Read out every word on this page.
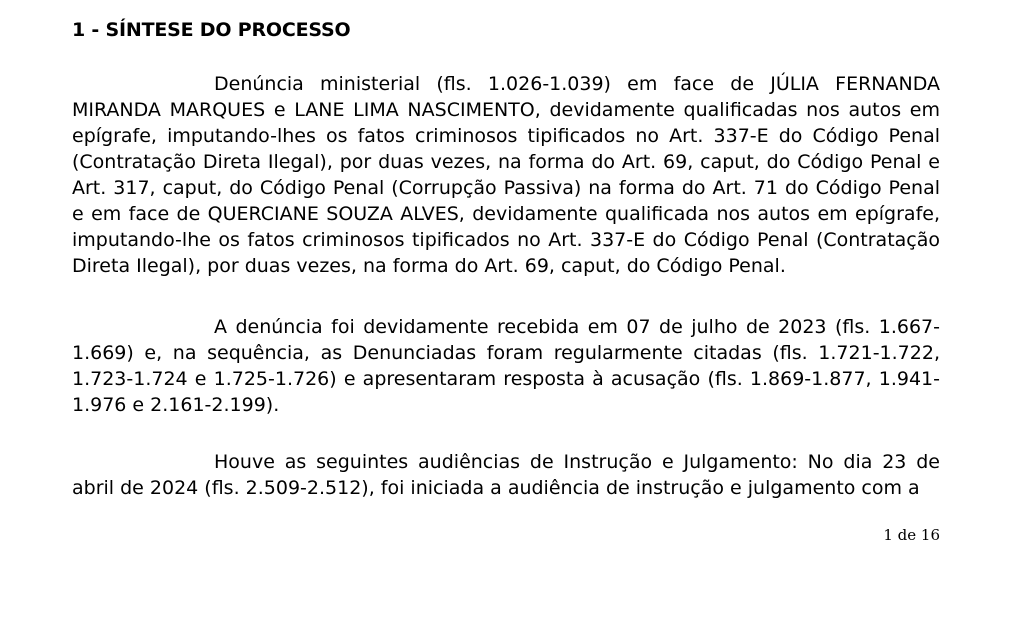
1 - SÍNTESE DO PROCESSO

Denúncia ministerial (fls. 1.026-1.039) em face de JÚLIA FERNANDA MIRANDA MARQUES e LANE LIMA NASCIMENTO, devidamente qualificadas nos autos em epígrafe, imputando-lhes os fatos criminosos tipificados no Art. 337-E do Código Penal (Contratação Direta Ilegal), por duas vezes, na forma do Art. 69, caput, do Código Penal e Art. 317, caput, do Código Penal (Corrupção Passiva) na forma do Art. 71 do Código Penal e em face de QUERCIANE SOUZA ALVES, devidamente qualificada nos autos em epígrafe, imputando-lhe os fatos criminosos tipificados no Art. 337-E do Código Penal (Contratação Direta Ilegal), por duas vezes, na forma do Art. 69, caput, do Código Penal.

A denúncia foi devidamente recebida em 07 de julho de 2023 (fls. 1.667-1.669) e, na sequência, as Denunciadas foram regularmente citadas (fls. 1.721-1.722, 1.723-1.724 e 1.725-1.726) e apresentaram resposta à acusação (fls. 1.869-1.877, 1.941-1.976 e 2.161-2.199).

Houve as seguintes audiências de Instrução e Julgamento: No dia 23 de abril de 2024 (fls. 2.509-2.512), foi iniciada a audiência de instrução e julgamento com a

1 de 16
